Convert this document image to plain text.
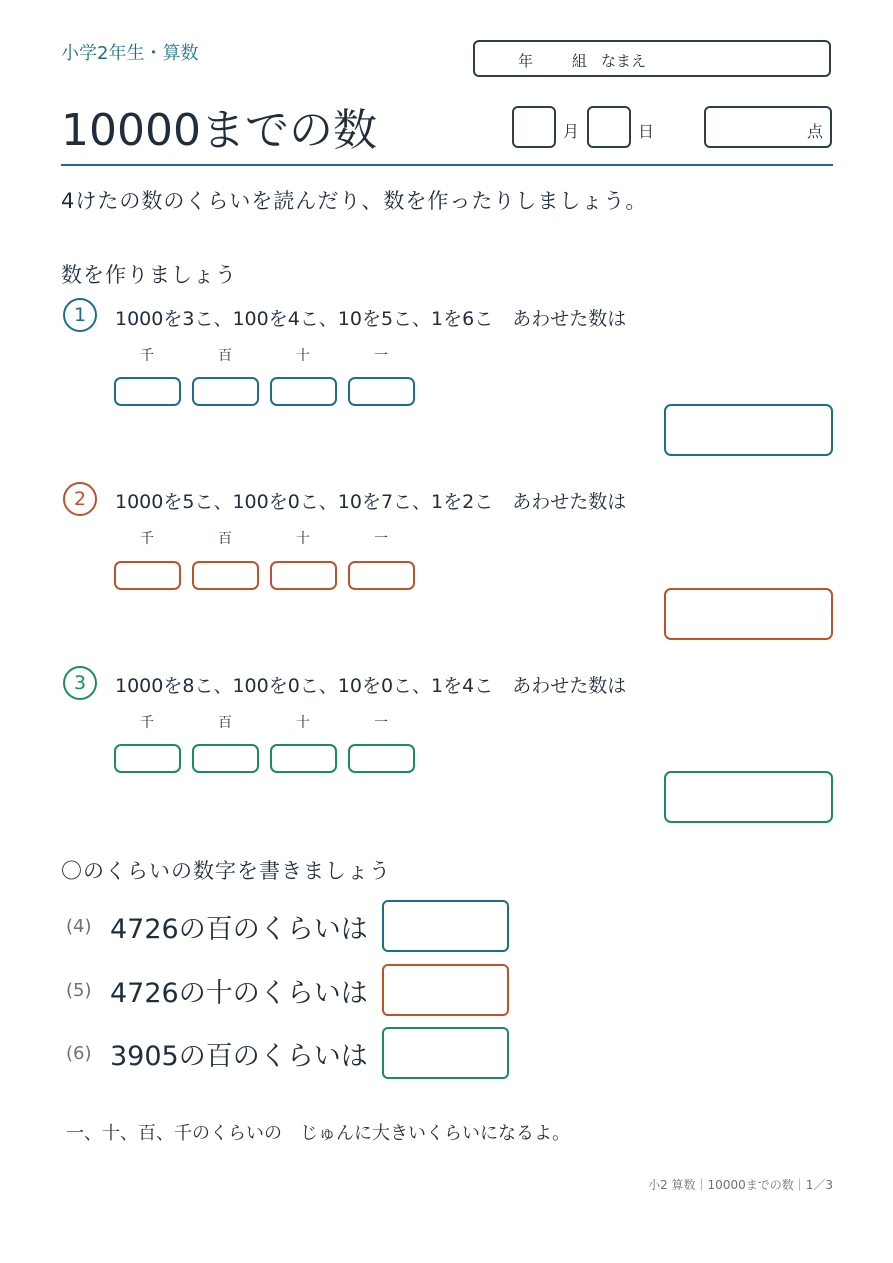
小学2年生・算数	年	組 なまえ
10000までの数	月	日	点
4けたの数のくらいを読んだり、数を作ったりしましょう。
数を作りましょう
1	1000を3こ、100を4こ、10を5こ、1を6こ　あわせた数は
千	百	十	一
2	1000を5こ、100を0こ、10を7こ、1を2こ　あわせた数は
千	百	十	一
3	1000を8こ、100を0こ、10を0こ、1を4こ　あわせた数は
千	百	十	一
〇のくらいの数字を書きましょう
(4) 4726の百のくらいは
(5) 4726の十のくらいは
(6) 3905の百のくらいは
一、十、百、千のくらいの　じゅんに大きいくらいになるよ。
小2 算数｜10000までの数｜1／3
